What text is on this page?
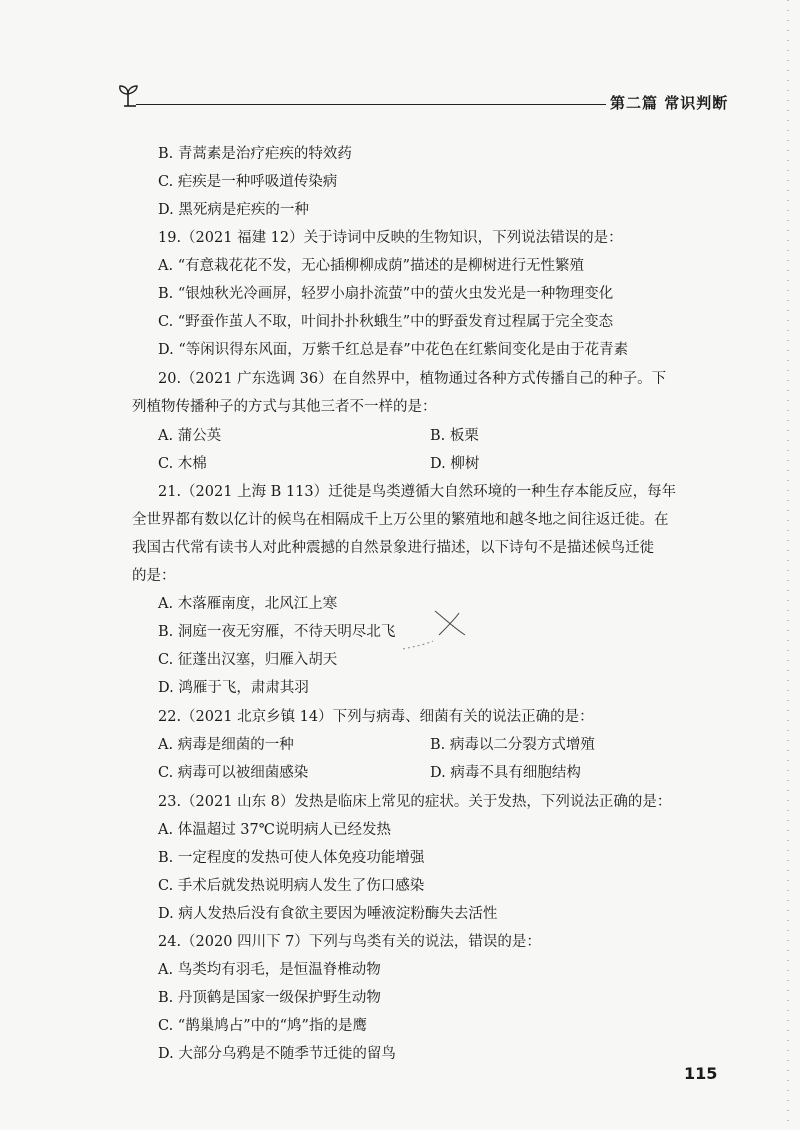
第二篇 常识判断
B. 青蒿素是治疗疟疾的特效药
C. 疟疾是一种呼吸道传染病
D. 黑死病是疟疾的一种
19.（2021 福建 12）关于诗词中反映的生物知识，下列说法错误的是：
A. “有意栽花花不发，无心插柳柳成荫”描述的是柳树进行无性繁殖
B. “银烛秋光冷画屏，轻罗小扇扑流萤”中的萤火虫发光是一种物理变化
C. “野蚕作茧人不取，叶间扑扑秋蛾生”中的野蚕发育过程属于完全变态
D. “等闲识得东风面，万紫千红总是春”中花色在红紫间变化是由于花青素
20.（2021 广东选调 36）在自然界中，植物通过各种方式传播自己的种子。下
列植物传播种子的方式与其他三者不一样的是：
A. 蒲公英	B. 板栗
C. 木棉	D. 柳树
21.（2021 上海 B 113）迁徙是鸟类遵循大自然环境的一种生存本能反应，每年
全世界都有数以亿计的候鸟在相隔成千上万公里的繁殖地和越冬地之间往返迁徙。在
我国古代常有读书人对此种震撼的自然景象进行描述，以下诗句不是描述候鸟迁徙
的是：
A. 木落雁南度，北风江上寒
B. 洞庭一夜无穷雁，不待天明尽北飞
C. 征蓬出汉塞，归雁入胡天
D. 鸿雁于飞，肃肃其羽
22.（2021 北京乡镇 14）下列与病毒、细菌有关的说法正确的是：
A. 病毒是细菌的一种	B. 病毒以二分裂方式增殖
C. 病毒可以被细菌感染	D. 病毒不具有细胞结构
23.（2021 山东 8）发热是临床上常见的症状。关于发热，下列说法正确的是：
A. 体温超过 37℃说明病人已经发热
B. 一定程度的发热可使人体免疫功能增强
C. 手术后就发热说明病人发生了伤口感染
D. 病人发热后没有食欲主要因为唾液淀粉酶失去活性
24.（2020 四川下 7）下列与鸟类有关的说法，错误的是：
A. 鸟类均有羽毛，是恒温脊椎动物
B. 丹顶鹤是国家一级保护野生动物
C. “鹊巢鸠占”中的“鸠”指的是鹰
D. 大部分乌鸦是不随季节迁徙的留鸟
115
